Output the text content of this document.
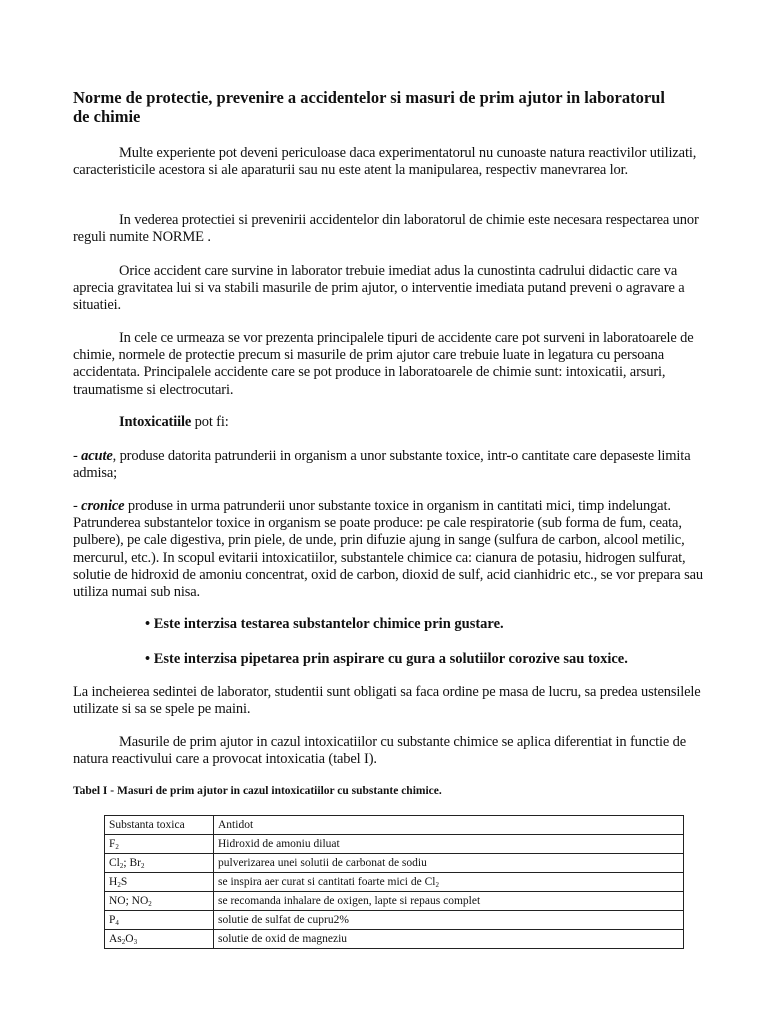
Norme de protectie, prevenire a accidentelor si masuri de prim ajutor in laboratorul de chimie

Multe experiente pot deveni periculoase daca experimentatorul nu cunoaste natura reactivilor utilizati, caracteristicile acestora si ale aparaturii sau nu este atent la manipularea, respectiv manevrarea lor.

In vederea protectiei si prevenirii accidentelor din laboratorul de chimie este necesara respectarea unor reguli numite NORME .

Orice accident care survine in laborator trebuie imediat adus la cunostinta cadrului didactic care va aprecia gravitatea lui si va stabili masurile de prim ajutor, o interventie imediata putand preveni o agravare a situatiei.

In cele ce urmeaza se vor prezenta principalele tipuri de accidente care pot surveni in laboratoarele de chimie, normele de protectie precum si masurile de prim ajutor care trebuie luate in legatura cu persoana accidentata. Principalele accidente care se pot produce in laboratoarele de chimie sunt: intoxicatii, arsuri, traumatisme si electrocutari.

Intoxicatiile pot fi:

- acute, produse datorita patrunderii in organism a unor substante toxice, intr-o cantitate care depaseste limita admisa;

- cronice produse in urma patrunderii unor substante toxice in organism in cantitati mici, timp indelungat. Patrunderea substantelor toxice in organism se poate produce: pe cale respiratorie (sub forma de fum, ceata, pulbere), pe cale digestiva, prin piele, de unde, prin difuzie ajung in sange (sulfura de carbon, alcool metilic, mercurul, etc.). In scopul evitarii intoxicatiilor, substantele chimice ca: cianura de potasiu, hidrogen sulfurat, solutie de hidroxid de amoniu concentrat, oxid de carbon, dioxid de sulf, acid cianhidric etc., se vor prepara sau utiliza numai sub nisa.

• Este interzisa testarea substantelor chimice prin gustare.

• Este interzisa pipetarea prin aspirare cu gura a solutiilor corozive sau toxice.

La incheierea sedintei de laborator, studentii sunt obligati sa faca ordine pe masa de lucru, sa predea ustensilele utilizate si sa se spele pe maini.

Masurile de prim ajutor in cazul intoxicatiilor cu substante chimice se aplica diferentiat in functie de natura reactivului care a provocat intoxicatia (tabel I).

Tabel I - Masuri de prim ajutor in cazul intoxicatiilor cu substante chimice.

Substanta toxica	Antidot
$F_2$	Hidroxid de amoniu diluat
$Cl_2$; $Br_2$	pulverizarea unei solutii de carbonat de sodiu
$H_2S$	se inspira aer curat si cantitati foarte mici de $Cl_2$
NO; $NO_2$	se recomanda inhalare de oxigen, lapte si repaus complet
$P_4$	solutie de sulfat de cupru2%
$As_2O_3$	solutie de oxid de magneziu
